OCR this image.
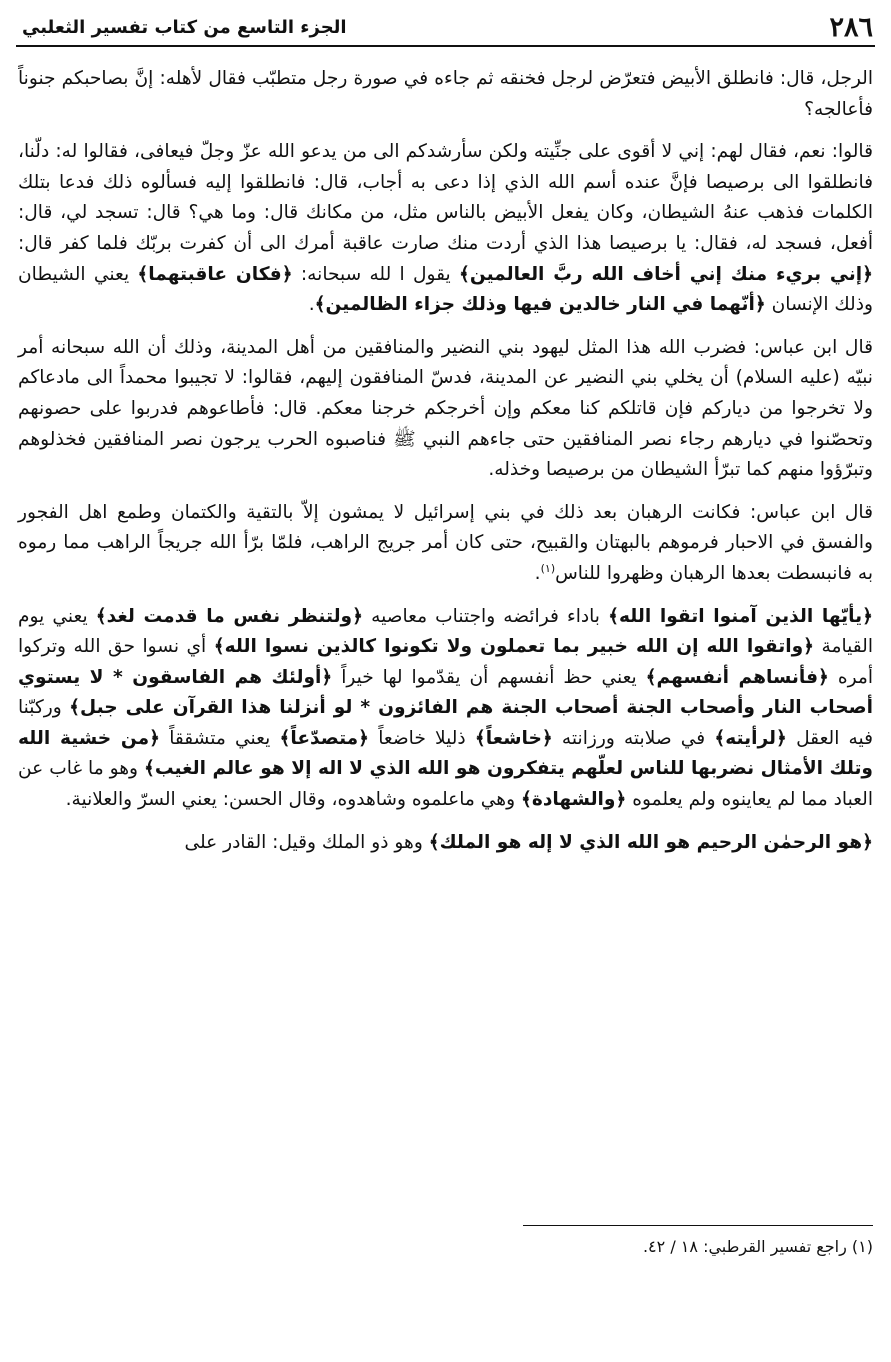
٢٨٦
الجزء التاسع من كتاب تفسير الثعلبي

الرجل، قال: فانطلق الأبيض فتعرّض لرجل فخنقه ثم جاءه في صورة رجل متطبّب فقال لأهله: إنَّ بصاحبكم جنوناً فأعالجه؟

قالوا: نعم، فقال لهم: إني لا أقوى على جنِّيته ولكن سأرشدكم الى من يدعو الله عزّ وجلّ فيعافى، فقالوا له: دلّنا، فانطلقوا الى برصيصا فإنَّ عنده أسم الله الذي إذا دعى به أجاب، قال: فانطلقوا إليه فسألوه ذلك فدعا بتلك الكلمات فذهب عنهُ الشيطان، وكان يفعل الأبيض بالناس مثل، من مكانك قال: وما هي؟ قال: تسجد لي، قال: أفعل، فسجد له، فقال: يا برصيصا هذا الذي أردت منك صارت عاقبة أمرك الى أن كفرت بربّك فلما كفر قال: ﴿إني بريء منك إني أخاف الله ربَّ العالمين﴾ يقول ا لله سبحانه: ﴿فكان عاقبتهما﴾ يعني الشيطان وذلك الإنسان ﴿أنّهما في النار خالدين فيها وذلك جزاء الظالمين﴾.

قال ابن عباس: فضرب الله هذا المثل ليهود بني النضير والمنافقين من أهل المدينة، وذلك أن الله سبحانه أمر نبيّه (عليه السلام) أن يخلي بني النضير عن المدينة، فدسّ المنافقون إليهم، فقالوا: لا تجيبوا محمداً الى مادعاكم ولا تخرجوا من دياركم فإن قاتلكم كنا معكم وإن أخرجكم خرجنا معكم. قال: فأطاعوهم فدربوا على حصونهم وتحصّنوا في ديارهم رجاء نصر المنافقين حتى جاءهم النبي ﷺ فناصبوه الحرب يرجون نصر المنافقين فخذلوهم وتبرّؤوا منهم كما تبرّأ الشيطان من برصيصا وخذله.

قال ابن عباس: فكانت الرهبان بعد ذلك في بني إسرائيل لا يمشون إلاّ بالتقية والكتمان وطمع اهل الفجور والفسق في الاحبار فرموهم بالبهتان والقبيح، حتى كان أمر جريج الراهب، فلمّا برّأ الله جريجاً الراهب مما رموه به فانبسطت بعدها الرهبان وظهروا للناس$^{(١)}$.

﴿يأيّها الذين آمنوا اتقوا الله﴾ باداء فرائضه واجتناب معاصيه ﴿ولتنظر نفس ما قدمت لغد﴾ يعني يوم القيامة ﴿واتقوا الله إن الله خبير بما تعملون ولا تكونوا كالذين نسوا الله﴾ أي نسوا حق الله وتركوا أمره ﴿فأنساهم أنفسهم﴾ يعني حظ أنفسهم أن يقدّموا لها خيراً ﴿أولئك هم الفاسقون * لا يستوي أصحاب النار وأصحاب الجنة أصحاب الجنة هم الفائزون * لو أنزلنا هذا القرآن على جبل﴾ وركبّنا فيه العقل ﴿لرأيته﴾ في صلابته ورزانته ﴿خاشعاً﴾ ذليلا خاضعاً ﴿متصدّعاً﴾ يعني متشققاً ﴿من خشية الله وتلك الأمثال نضربها للناس لعلّهم يتفكرون هو الله الذي لا اله إلا هو عالم الغيب﴾ وهو ما غاب عن العباد مما لم يعاينوه ولم يعلموه ﴿والشهادة﴾ وهي ماعلموه وشاهدوه، وقال الحسن: يعني السرّ والعلانية.

﴿هو الرحمٰن الرحيم هو الله الذي لا إله هو الملك﴾ وهو ذو الملك وقيل: القادر على

(١) راجع تفسير القرطبي: ١٨ / ٤٢.
